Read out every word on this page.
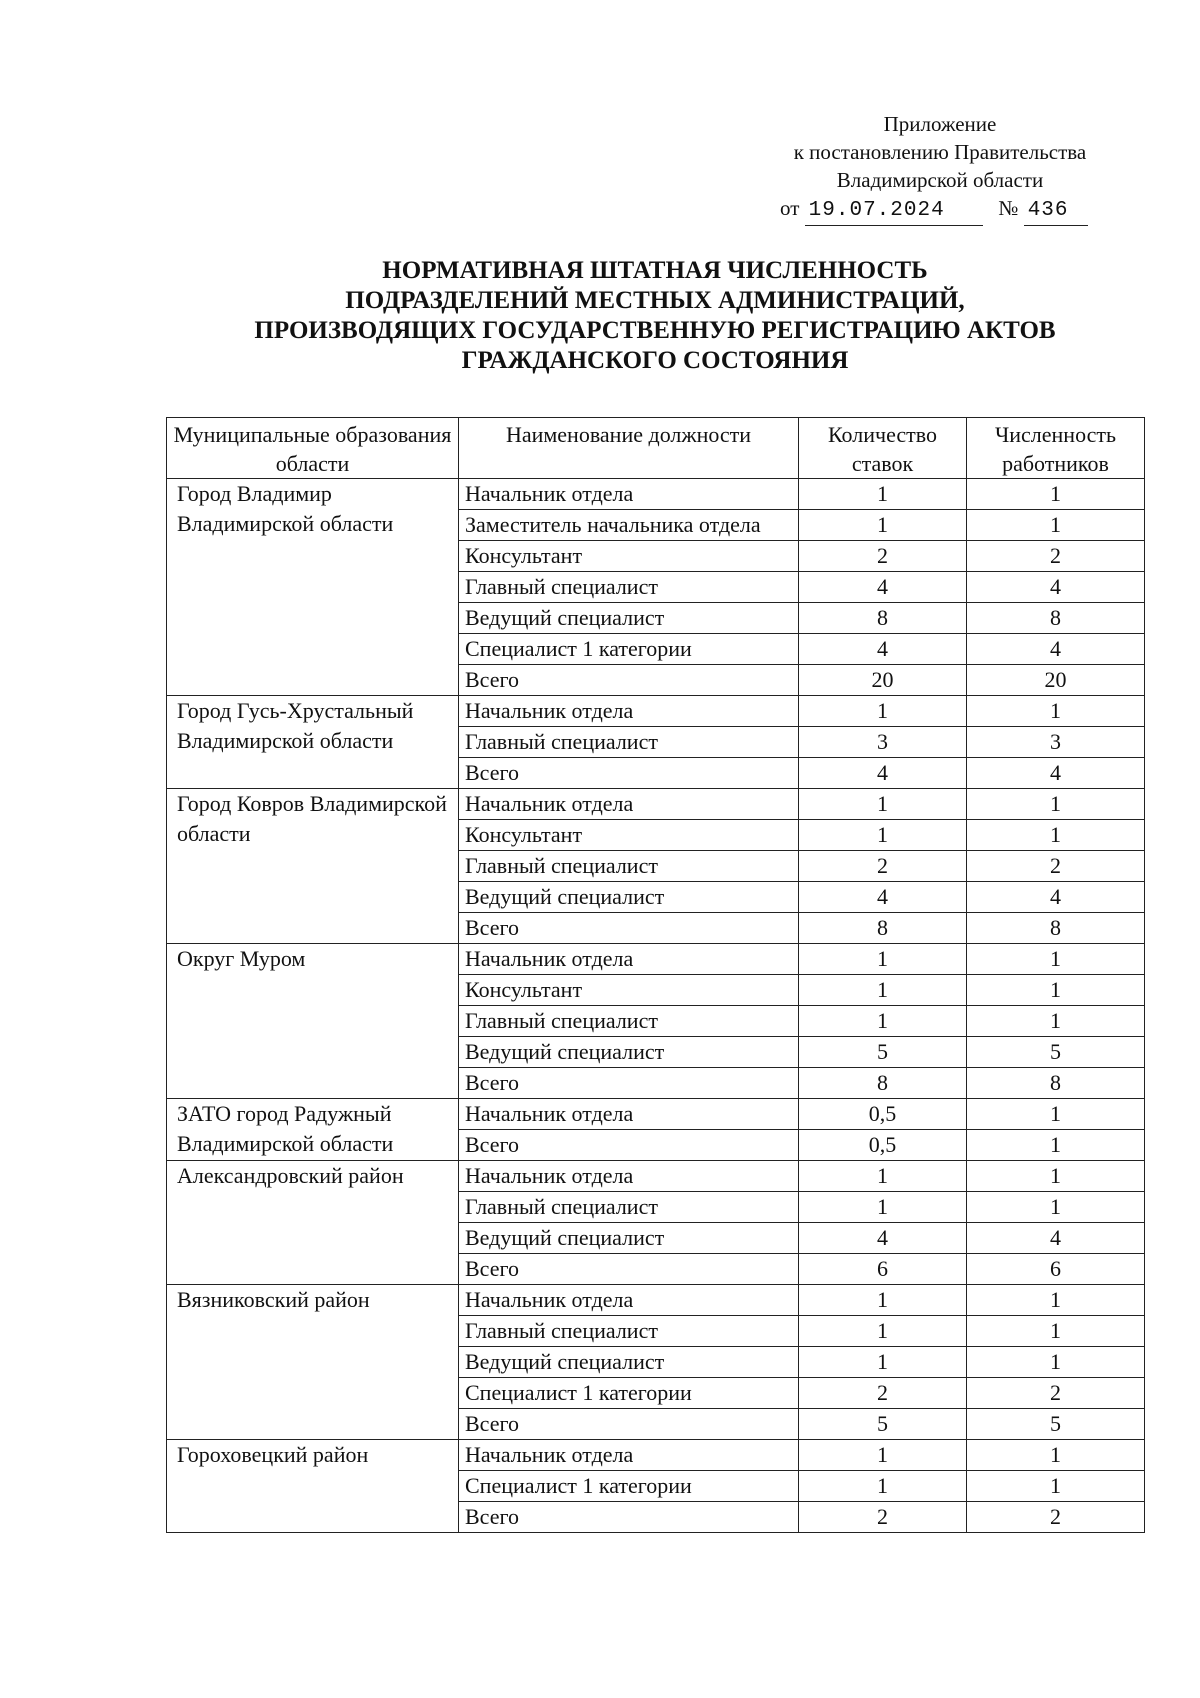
Приложение
к постановлению Правительства
Владимирской области
от 19.07.2024	№ 436
НОРМАТИВНАЯ ШТАТНАЯ ЧИСЛЕННОСТЬ
ПОДРАЗДЕЛЕНИЙ МЕСТНЫХ АДМИНИСТРАЦИЙ,
ПРОИЗВОДЯЩИХ ГОСУДАРСТВЕННУЮ РЕГИСТРАЦИЮ АКТОВ
ГРАЖДАНСКОГО СОСТОЯНИЯ
Муниципальные образования области	Наименование должности	Количество ставок	Численность работников
Город Владимир Владимирской области	Начальник отдела	1	1
	Заместитель начальника отдела	1	1
	Консультант	2	2
	Главный специалист	4	4
	Ведущий специалист	8	8
	Специалист 1 категории	4	4
	Всего	20	20
Город Гусь-Хрустальный Владимирской области	Начальник отдела	1	1
	Главный специалист	3	3
	Всего	4	4
Город Ковров Владимирской области	Начальник отдела	1	1
	Консультант	1	1
	Главный специалист	2	2
	Ведущий специалист	4	4
	Всего	8	8
Округ Муром	Начальник отдела	1	1
	Консультант	1	1
	Главный специалист	1	1
	Ведущий специалист	5	5
	Всего	8	8
ЗАТО город Радужный Владимирской области	Начальник отдела	0,5	1
	Всего	0,5	1
Александровский район	Начальник отдела	1	1
	Главный специалист	1	1
	Ведущий специалист	4	4
	Всего	6	6
Вязниковский район	Начальник отдела	1	1
	Главный специалист	1	1
	Ведущий специалист	1	1
	Специалист 1 категории	2	2
	Всего	5	5
Гороховецкий район	Начальник отдела	1	1
	Специалист 1 категории	1	1
	Всего	2	2
